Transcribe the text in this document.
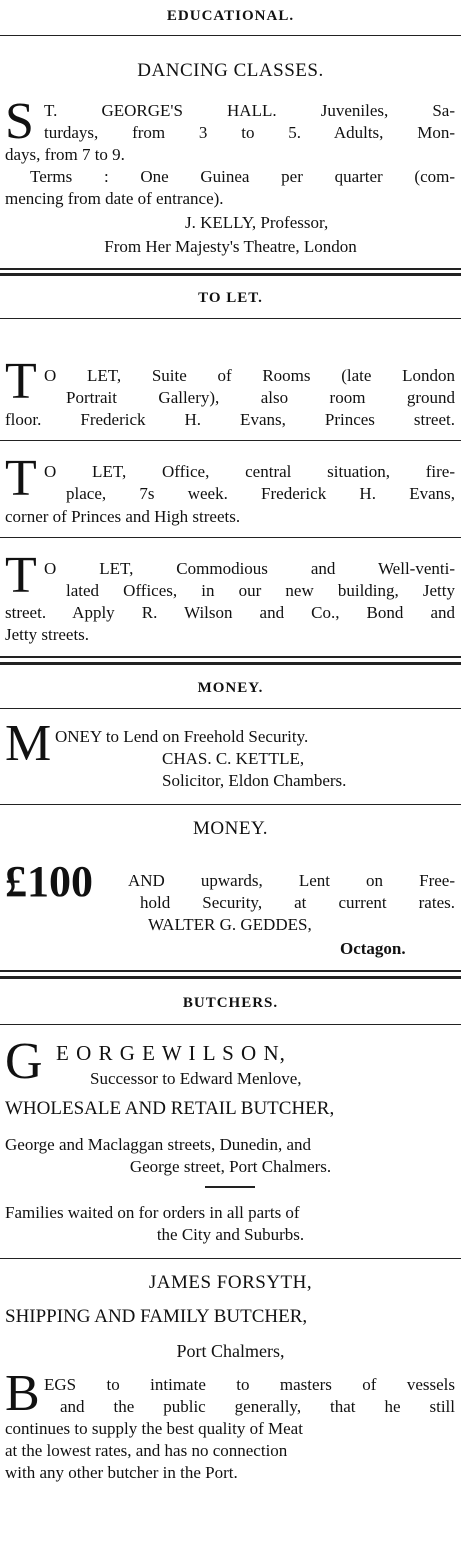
EDUCATIONAL.
DANCING CLASSES.
S T. GEORGE'S HALL. Juveniles, Sa-
turdays, from 3 to 5. Adults, Mon-
days, from 7 to 9.
Terms : One Guinea per quarter (com-
mencing from date of entrance).
J. KELLY, Professor,
From Her Majesty's Theatre, London
TO LET.
T O LET, Suite of Rooms (late London
Portrait Gallery), also room ground
floor. Frederick H. Evans, Princes street.
T O LET, Office, central situation, fire-
place, 7s week. Frederick H. Evans,
corner of Princes and High streets.
T O LET, Commodious and Well-venti-
lated Offices, in our new building, Jetty
street. Apply R. Wilson and Co., Bond and
Jetty streets.
MONEY.
M ONEY to Lend on Freehold Security.
CHAS. C. KETTLE,
Solicitor, Eldon Chambers.
MONEY.
£100 AND upwards, Lent on Free-
hold Security, at current rates.
WALTER G. GEDDES,
Octagon.
BUTCHERS.
G E O R G E W I L S O N,
Successor to Edward Menlove,
WHOLESALE AND RETAIL BUTCHER,
George and Maclaggan streets, Dunedin, and
George street, Port Chalmers.
Families waited on for orders in all parts of
the City and Suburbs.
JAMES FORSYTH,
SHIPPING AND FAMILY BUTCHER,
Port Chalmers,
B EGS to intimate to masters of vessels
and the public generally, that he still
continues to supply the best quality of Meat
at the lowest rates, and has no connection
with any other butcher in the Port.
